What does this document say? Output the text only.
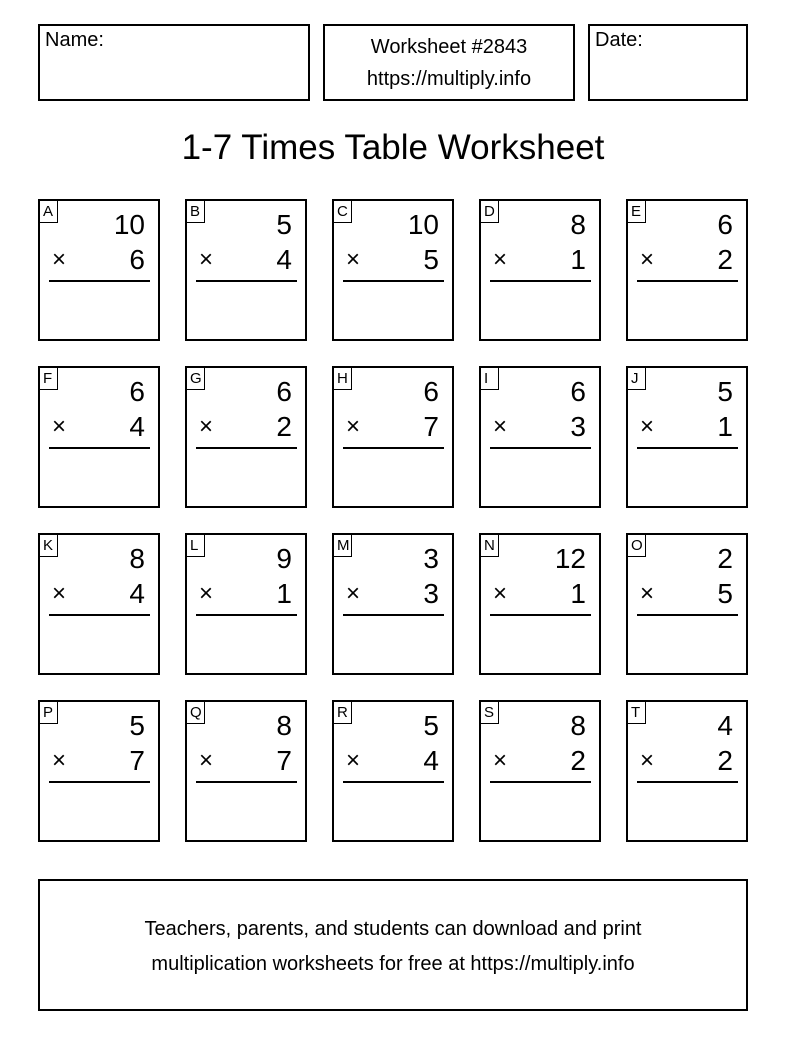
Name:	Worksheet #2843
https://multiply.info
Date:
1-7 Times Table Worksheet
A 10
× 6
B	5
× 4
C 10
× 5
D	8
× 1
E	6
× 2
F	6
× 4
G	6
× 2
H	6
× 7
I	6
× 3
J	5
× 1
K	8
× 4
L	9
× 1
M	3
× 3
N 12
× 1
O	2
× 5
P	5
× 7
Q	8
× 7
R	5
× 4
S	8
× 2
T	4
× 2
Teachers, parents, and students can download and print
multiplication worksheets for free at https://multiply.info
